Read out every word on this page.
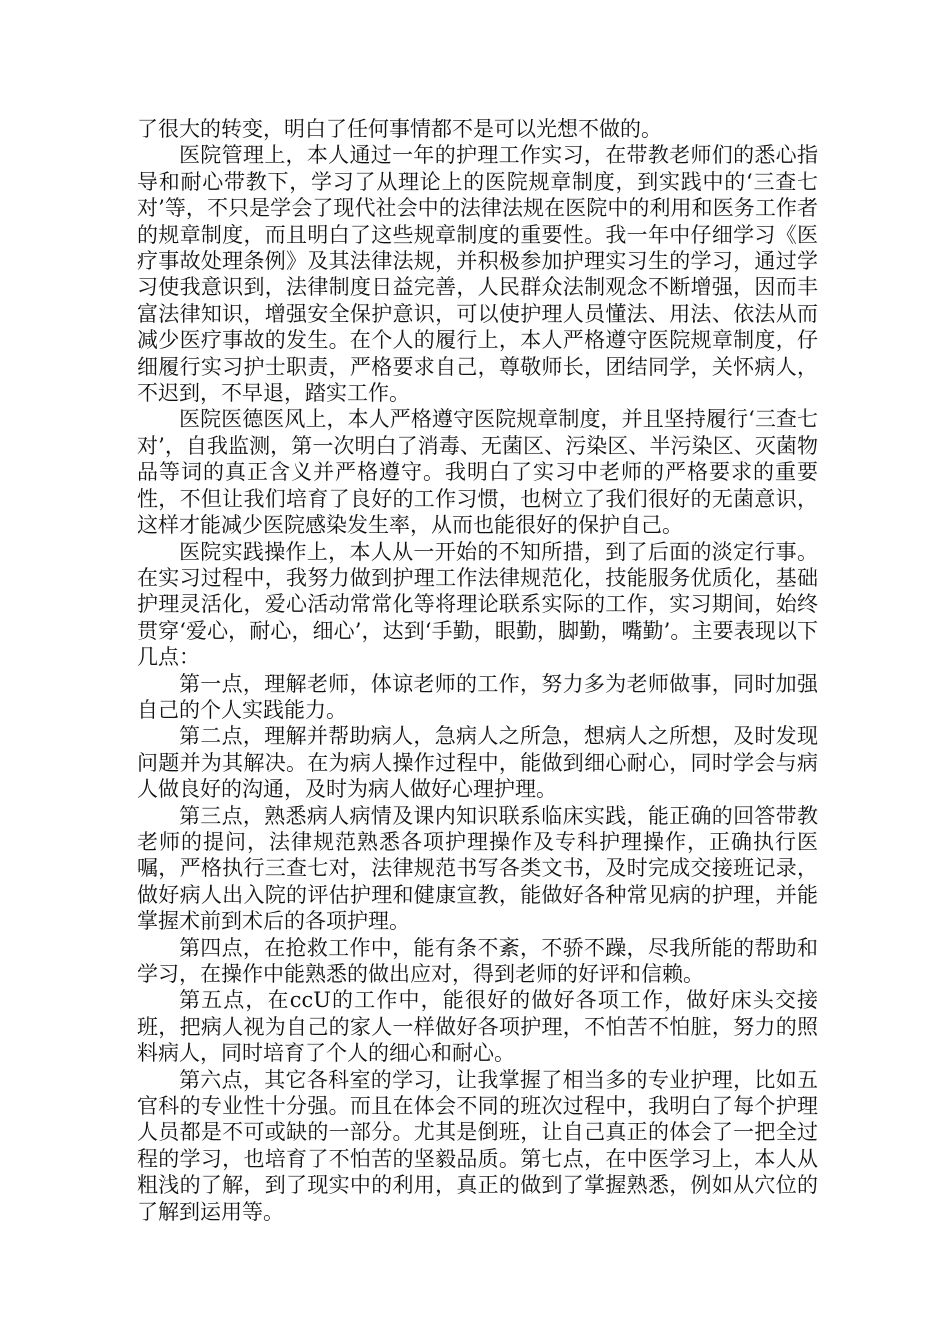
了很大的转变，明白了任何事情都不是可以光想不做的。

医院管理上，本人通过一年的护理工作实习，在带教老师们的悉心指导和耐心带教下，学习了从理论上的医院规章制度，到实践中的‘三查七对’等，不只是学会了现代社会中的法律法规在医院中的利用和医务工作者的规章制度，而且明白了这些规章制度的重要性。我一年中仔细学习《医疗事故处理条例》及其法律法规，并积极参加护理实习生的学习，通过学习使我意识到，法律制度日益完善，人民群众法制观念不断增强，因而丰富法律知识，增强安全保护意识，可以使护理人员懂法、用法、依法从而减少医疗事故的发生。在个人的履行上，本人严格遵守医院规章制度，仔细履行实习护士职责，严格要求自己，尊敬师长，团结同学，关怀病人，不迟到，不早退，踏实工作。

医院医德医风上，本人严格遵守医院规章制度，并且坚持履行‘三查七对’，自我监测，第一次明白了消毒、无菌区、污染区、半污染区、灭菌物品等词的真正含义并严格遵守。我明白了实习中老师的严格要求的重要性，不但让我们培育了良好的工作习惯，也树立了我们很好的无菌意识，这样才能减少医院感染发生率，从而也能很好的保护自己。

医院实践操作上，本人从一开始的不知所措，到了后面的淡定行事。在实习过程中，我努力做到护理工作法律规范化，技能服务优质化，基础护理灵活化，爱心活动常常化等将理论联系实际的工作，实习期间，始终贯穿‘爱心，耐心，细心’，达到‘手勤，眼勤，脚勤，嘴勤’。主要表现以下几点：

第一点，理解老师，体谅老师的工作，努力多为老师做事，同时加强自己的个人实践能力。

第二点，理解并帮助病人，急病人之所急，想病人之所想，及时发现问题并为其解决。在为病人操作过程中，能做到细心耐心，同时学会与病人做良好的沟通，及时为病人做好心理护理。

第三点，熟悉病人病情及课内知识联系临床实践，能正确的回答带教老师的提问，法律规范熟悉各项护理操作及专科护理操作，正确执行医嘱，严格执行三查七对，法律规范书写各类文书，及时完成交接班记录，做好病人出入院的评估护理和健康宣教，能做好各种常见病的护理，并能掌握术前到术后的各项护理。

第四点，在抢救工作中，能有条不紊，不骄不躁，尽我所能的帮助和学习，在操作中能熟悉的做出应对，得到老师的好评和信赖。

第五点，在ccU的工作中，能很好的做好各项工作，做好床头交接班，把病人视为自己的家人一样做好各项护理，不怕苦不怕脏，努力的照料病人，同时培育了个人的细心和耐心。

第六点，其它各科室的学习，让我掌握了相当多的专业护理，比如五官科的专业性十分强。而且在体会不同的班次过程中，我明白了每个护理人员都是不可或缺的一部分。尤其是倒班，让自己真正的体会了一把全过程的学习，也培育了不怕苦的坚毅品质。第七点，在中医学习上，本人从粗浅的了解，到了现实中的利用，真正的做到了掌握熟悉，例如从穴位的了解到运用等。
